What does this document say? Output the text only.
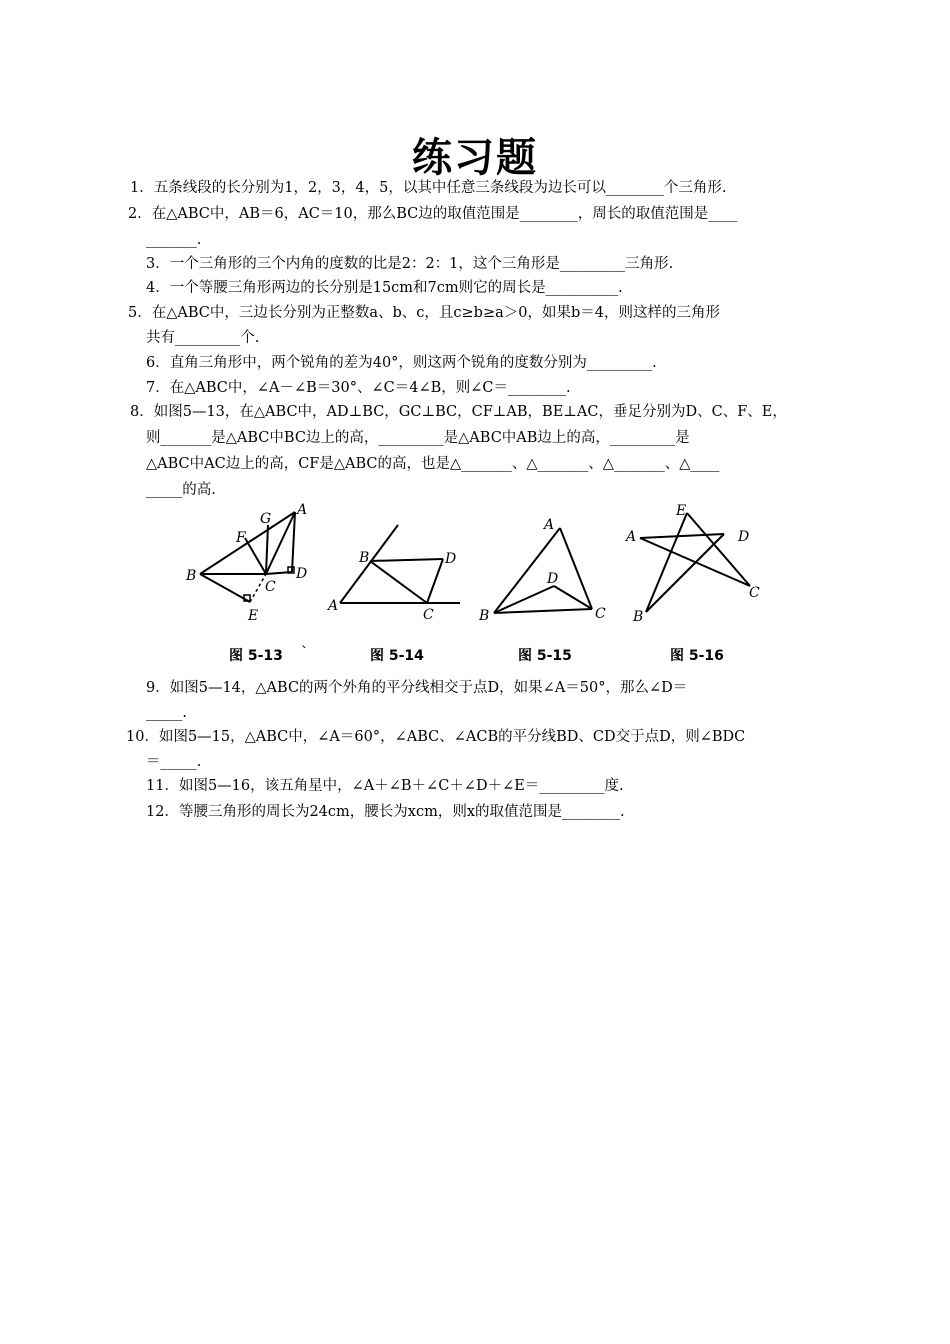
练习题
1．五条线段的长分别为1，2，3，4，5，以其中任意三条线段为边长可以________个三角形.
2．在△ABC中，AB＝6，AC＝10，那么BC边的取值范围是________，周长的取值范围是____
_______.
3．一个三角形的三个内角的度数的比是2：2：1，这个三角形是_________三角形.
4．一个等腰三角形两边的长分别是15cm和7cm则它的周长是__________.
5．在△ABC中，三边长分别为正整数a、b、c，且c≥b≥a＞0，如果b＝4，则这样的三角形
共有_________个.
6．直角三角形中，两个锐角的差为40°，则这两个锐角的度数分别为_________.
7．在△ABC中，∠A－∠B＝30°、∠C＝4∠B，则∠C＝________.
8．如图5—13，在△ABC中，AD⊥BC，GC⊥BC，CF⊥AB，BE⊥AC，垂足分别为D、C、F、E，
则_______是△ABC中BC边上的高，_________是△ABC中AB边上的高，_________是
△ABC中AC边上的高，CF是△ABC的高，也是△_______、△_______、△_______、△____
_____的高.
A
G
F
B
C
D
E
B	D
A
C
A
D
B	C
E
A	D
C
B
图 5-13 `	图 5-14	图 5-15	图 5-16
9．如图5—14，△ABC的两个外角的平分线相交于点D，如果∠A＝50°，那么∠D＝
_____.
10．如图5—15，△ABC中，∠A＝60°，∠ABC、∠ACB的平分线BD、CD交于点D，则∠BDC
＝_____.
11．如图5—16，该五角星中，∠A＋∠B＋∠C＋∠D＋∠E＝_________度.
12．等腰三角形的周长为24cm，腰长为xcm，则x的取值范围是________.
